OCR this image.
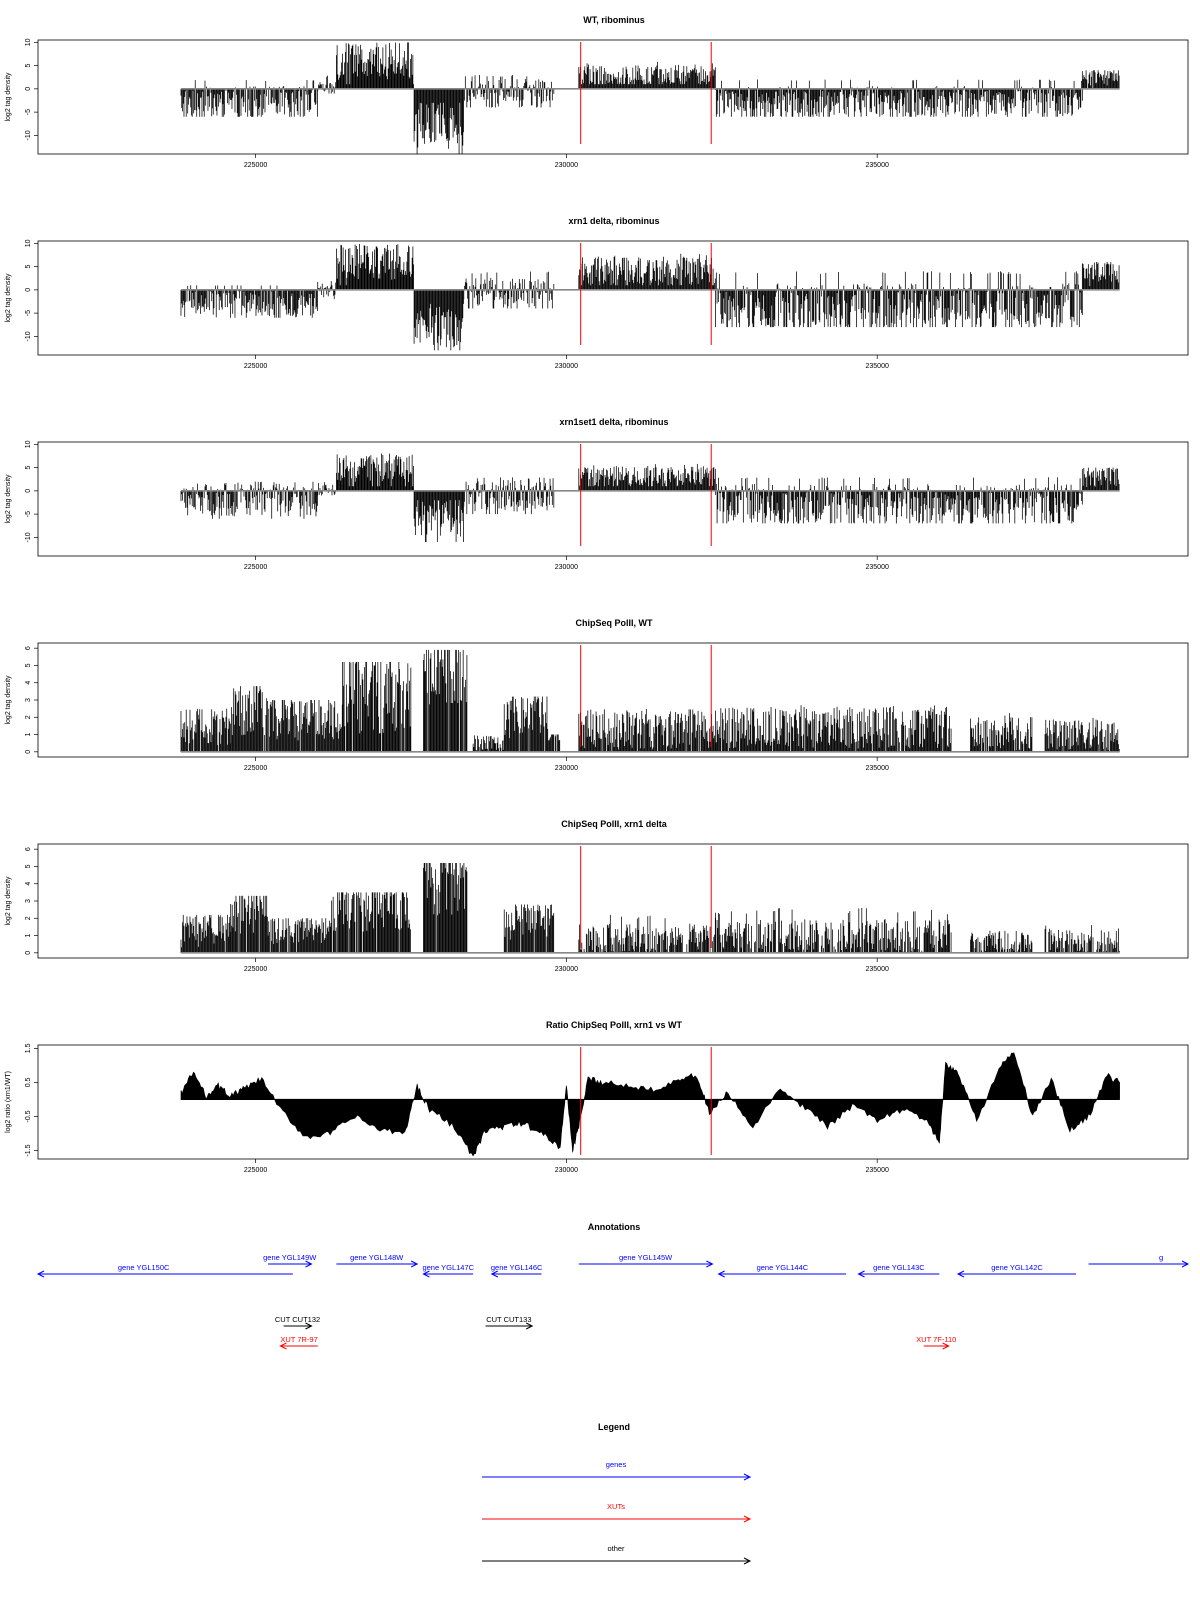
WT, ribominus
log2 tag density
10
5
0
-5
-10
225000	230000	235000
xrn1 delta, ribominus
log2 tag density
10
5
0
-5
-10
225000	230000	235000
xrn1set1 delta, ribominus
log2 tag density
10
5
0
-5
-10
225000	230000	235000
ChipSeq PolII, WT
log2 tag density
6
5
4
3
2
1
0
225000	230000	235000
ChipSeq PolII, xrn1 delta
log2 tag density
6
5
4
3
2
1
0
225000	230000	235000
Ratio ChipSeq PolII, xrn1 vs WT
log2 ratio (xrn1/WT)
1.5
0.5
-0.5
-1.5
225000	230000	235000
Annotations
gene YGL150C
gene YGL149W	gene YGL148W
gene YGL147C gene YGL146C
gene YGL145W
gene YGL144C	gene YGL143C	gene YGL142C
g
CUT CUT132	CUT CUT133
XUT 7R-97	XUT 7F-110
Legend
genes
XUTs
other
